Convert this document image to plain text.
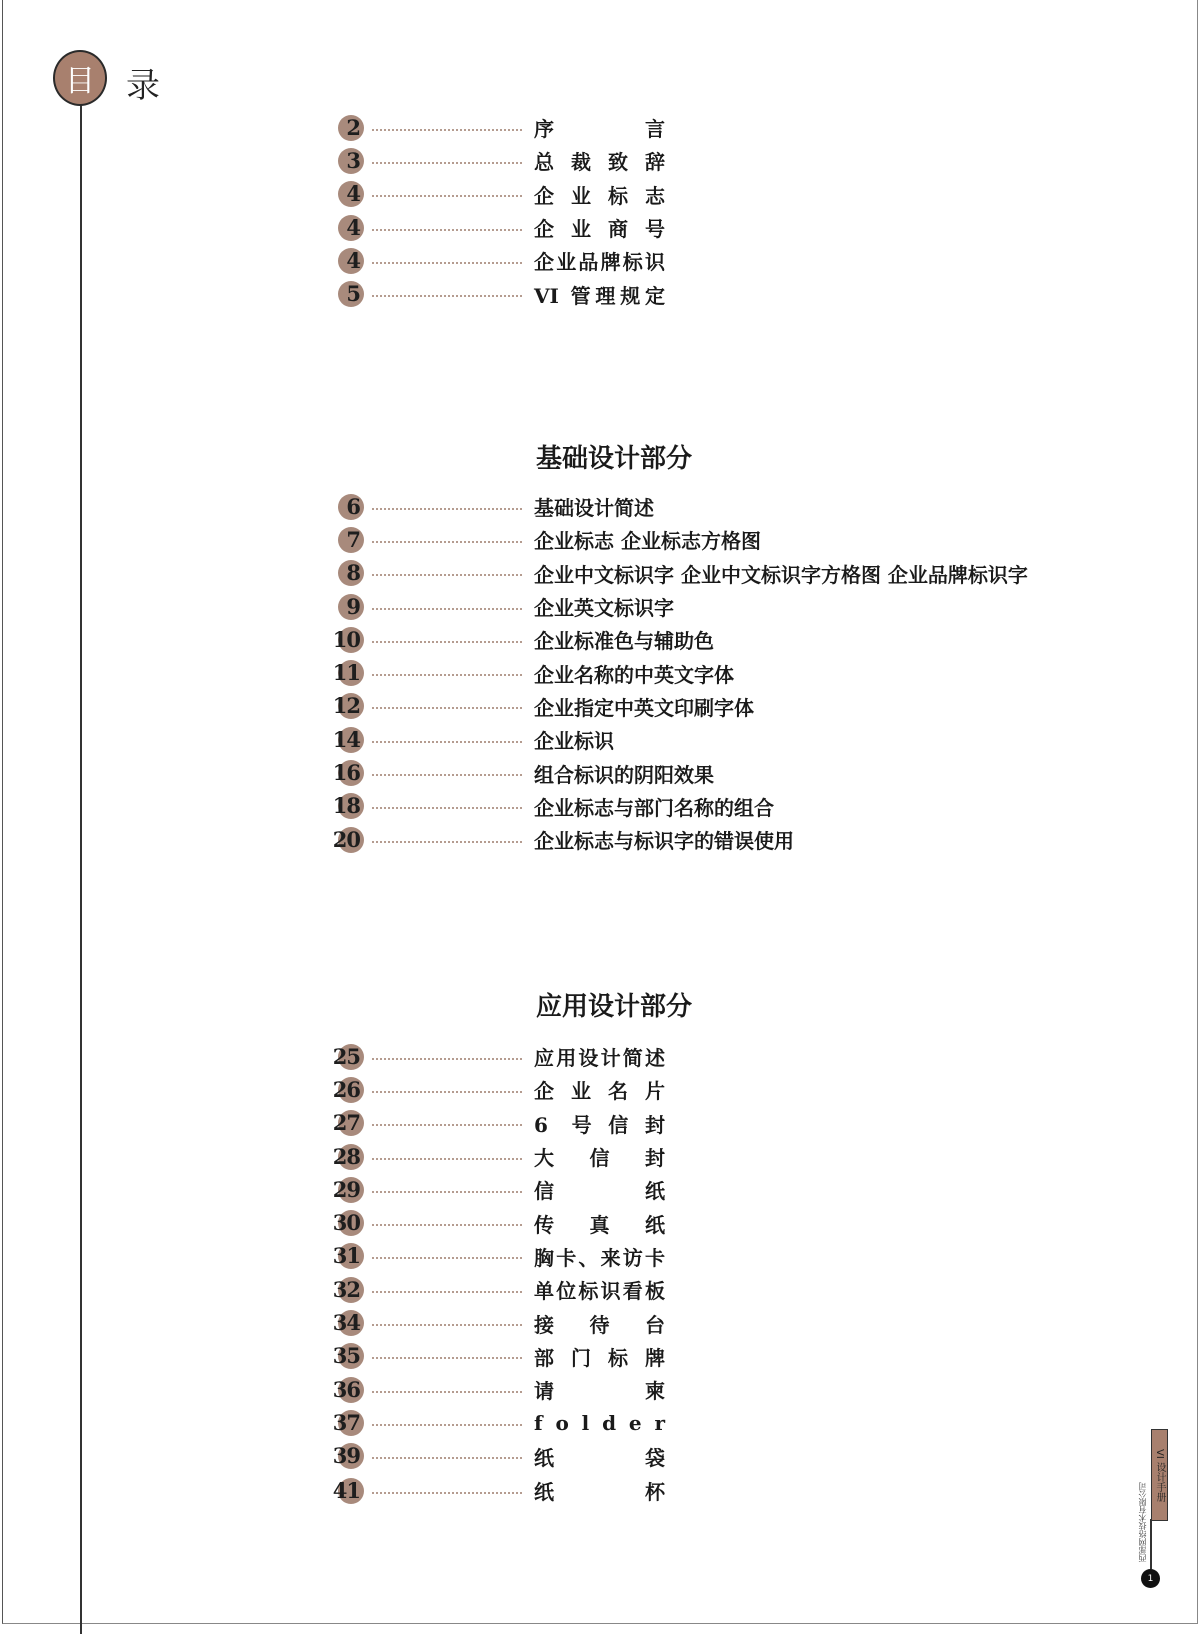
目 录
基础设计部分
应用设计部分
2	序言
3	总裁致辞
4	企业标志
4	企业商号
4	企业品牌标识
5	VI 管理规定
6	基础设计简述
7	企业标志 企业标志方格图
8	企业中文标识字 企业中文标识字方格图 企业品牌标识字
9	企业英文标识字
10	企业标准色与辅助色
11	企业名称的中英文字体
12	企业指定中英文印刷字体
14	企业标识
16	组合标识的阴阳效果
18	企业标志与部门名称的组合
20	企业标志与标识字的错误使用
25	应用设计简述
26	企业名片
27	6 号信封
28	大信封
29	信纸
30	传真纸
31	胸卡、来访卡
32	单位标识看板
34	接待台
35	部门标牌
36	请柬
37	f o l d e r
39	纸袋
41	纸杯	VI 设计手册
西部网络技术有限公司
1
